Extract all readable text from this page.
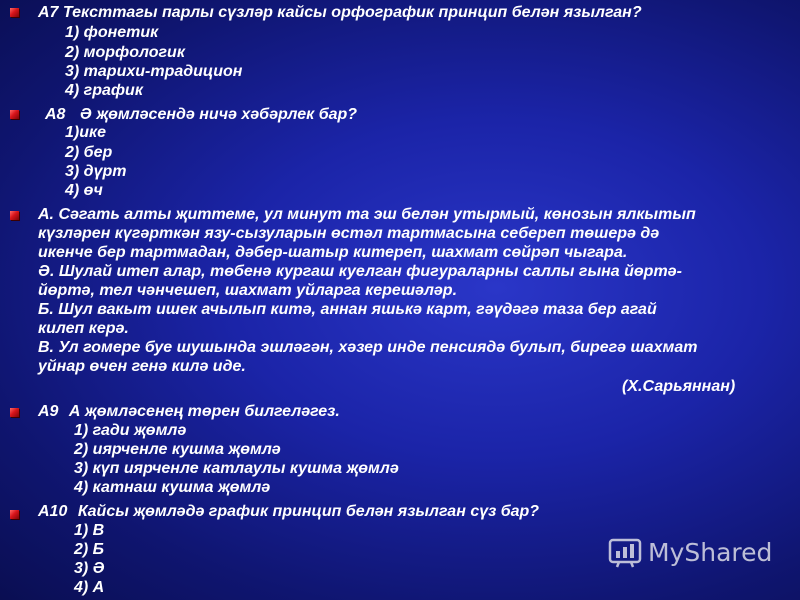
А7 Тексттагы парлы сүзләр кайсы орфографик принцип белән язылган?
1) фонетик
2) морфологик
3) тарихи-традицион
4) график
А8 Ә җөмләсендә ничә хәбәрлек бар?
1)ике
2) бер
3) дүрт
4) өч
А. Сәгать алты җиттеме, ул минут та эш белән утырмый, көнозын ялкытып
күзләрен күгәрткән язу-сызуларын өстәл тартмасына себереп төшерә дә
икенче бер тартмадан, дәбер-шатыр китереп, шахмат сөйрәп чыгара.
Ә. Шулай итеп алар, төбенә кургаш куелган фигураларны саллы гына йөртә-
йөртә, тел чәнчешеп, шахмат уйларга керешәләр.
Б. Шул вакыт ишек ачылып китә, аннан яшькә карт, гәүдәгә таза бер агай
килеп керә.
В. Ул гомере буе шушында эшләгән, хәзер инде пенсиядә булып, бирегә шахмат
уйнар өчен генә килә иде.
(Х.Сарьяннан)
А9 А җөмләсенең төрен билгеләгез.
1) гади җөмлә
2) иярченле кушма җөмлә
3) күп иярченле катлаулы кушма җөмлә
4) катнаш кушма җөмлә
А10 Кайсы җөмләдә график принцип белән язылган сүз бар?
1) В
2) Б
3) Ә
4) А
MyShared
